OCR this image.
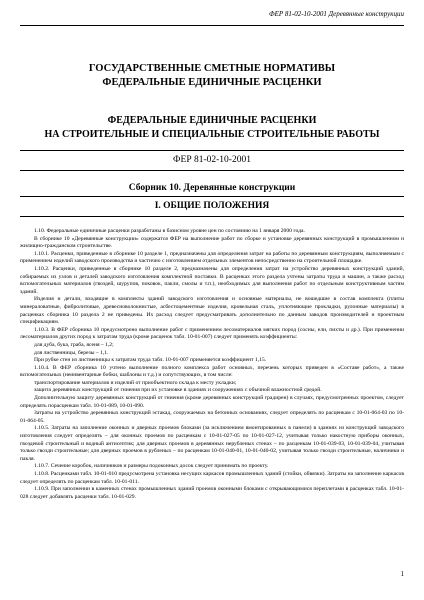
ФЕР 81-02-10-2001 Деревянные конструкции
ГОСУДАРСТВЕННЫЕ СМЕТНЫЕ НОРМАТИВЫ
ФЕДЕРАЛЬНЫЕ ЕДИНИЧНЫЕ РАСЦЕНКИ
ФЕДЕРАЛЬНЫЕ ЕДИНИЧНЫЕ РАСЦЕНКИ
НА СТРОИТЕЛЬНЫЕ И СПЕЦИАЛЬНЫЕ СТРОИТЕЛЬНЫЕ РАБОТЫ
ФЕР 81-02-10-2001
Сборник 10. Деревянные конструкции
I. ОБЩИЕ ПОЛОЖЕНИЯ

1.10. Федеральные единичные расценки разработаны в базисном уровне цен по состоянию на 1 января 2000 года.

В сборнике 10 «Деревянные конструкции» содержатся ФЕР на выполнение работ по сборке и установке деревянных конструкций в промышленном и жилищно-гражданском строительстве.

1.10.1. Расценки, приведенные в сборнике 10 разделе 1, предназначены для определения затрат на работы по деревянным конструкциям, выполняемым с применением изделий заводского производства и частично с изготовлением отдельных элементов непосредственно на строительной площадке.

1.10.2. Расценки, приведенные в сборнике 10 разделе 2, предназначены для определения затрат на устройство деревянных конструкций зданий, собираемых из узлов и деталей заводского изготовления комплектной поставки. В расценках этого раздела учтены затраты труда и машин, а также расход вспомогательных материалов (гвоздей, шурупов, поковок, пакли, смолы и т.п.), необходимых для выполнения работ по отдельным конструктивным частям зданий.

Изделия и детали, входящие в комплекты зданий заводского изготовления и основные материалы, не вошедшие в состав комплекта (плиты минераловатные, фибролитовые, древесноволокнистые, асбестоцементные изделия, кровельная сталь, уплотняющие прокладки, рулонные материалы) в расценках сборника 10 раздела 2 не приведены. Их расход следует предусматривать дополнительно по данным заводов производителей и проектным спецификациям.

1.10.3. В ФЕР сборника 10 предусмотрено выполнение работ с применением лесоматериалов мягких пород (сосны, ели, пихты и др.). При применении лесоматериалов других пород к затратам труда (кроме расценок табл. 10-01-007) следует применять коэффициенты:

для дуба, бука, граба, ясеня – 1,2;

для лиственницы, березы – 1,1.

При рубке стен из лиственницы к затратам труда табл. 10-01-007 применяется коэффициент 1,15.

1.10.4. В ФЕР сборника 10 учтено выполнение полного комплекса работ основных, перечень которых приведен в «Составе работ», а также вспомогательных (неинвентарные бобки, шаблоны и т.д.) и сопутствующих, в том числе:

транспортирование материалов и изделий от приобъектного склада к месту укладки;

защита деревянных конструкций от гниения при их установке в зданиях и сооружениях с обычной влажностной средой.

Дополнительную защиту деревянных конструкций от гниения (кроме деревянных конструкций градирен) в случаях, предусмотренных проектом, следует определять порасценкам табл. 10-01-089, 10-01-090.

Затраты на устройство деревянных конструкций эстакад, сооружаемых на бетонных основаниях, следует определять по расценкам с 10-01-064-03 по 10-01-064-05.

1.10.5. Затраты на заполнение оконных и дверных проемов блоками (за исключением вмонтированных в панели) в зданиях из конструкций заводского изготовления следует определять – для оконных проемов по расценкам с 10-01-027-05 по 10-01-027-12, учитывая только накостную приборы оконных, гвоздевой строительный и водный антисептик; для дверных проемов в деревянных нерубленых стенах – по расценкам 10-01-039-03, 10-01-039-04, учитывая только гвозди строительные; для дверных проемов в рубленых – по расценкам 10-01-040-01, 10-01-040-02, учитывая только гвозди строительные, наличники и пакля.

1.10.7. Сечение коробок, наличников и размеры подоконных досок следует принимать по проекту.

1.10.8. Расценками табл. 10-01-010 предусмотрена установка несущих каркасов промышленных зданий (стойки, обвязки). Затраты на заполнение каркасов следует определять по расценкам табл. 10-01-011.

1.10.9. При заполнении в каменных стенах промышленных зданий проемов оконными блоками с открывающимися переплетами в расценках табл. 10-01-028 следует добавлять расценки табл. 10-01-029.

1
